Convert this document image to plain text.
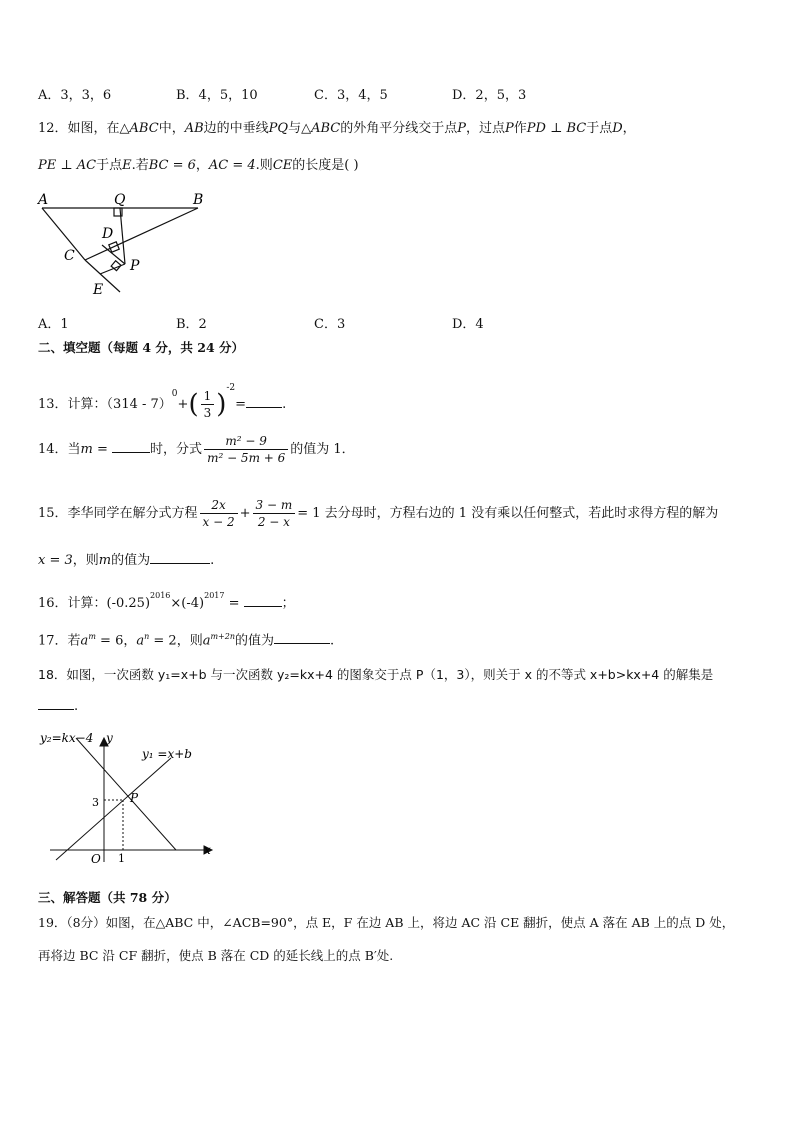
A．3，3，6	B．4，5，10	C．3，4，5	D．2，5，3
12．如图，在△ABC中，AB边的中垂线PQ与△ABC的外角平分线交于点P，过点P作PD ⊥ BC于点D，
PE ⊥ AC于点E.若BC = 6，AC = 4.则CE的长度是( )
A	Q	B
D
C
P
E
A．1	B．2	C．3	D．4
二、填空题（每题 4 分，共 24 分）
13．计算：$(314 - 7)^0+( \frac{1}{3} )^{-2}=$	.
14．当m =	时，分式 $\frac{\text{m² − 9}}{\text{m² − 5m + 6}}$ 的值为 1．
15．李华同学在解分式方程 $\frac{2x}{x - 2} + \frac{3 - m}{2 - x} = 1$ 去分母时，方程右边的 1 没有乘以任何整式，若此时求得方程的解为
x = 3，则m的值为	.
16．计算：$(-0.25)^{2016}\times(-4)^{2017}$ =	；
17．若$a^m = 6$，$a^n = 2$，则$a^{m+2n}$的值为	.
18．如图，一次函数 y₁=x+b 与一次函数 y₂=kx+4 的图象交于点 P（1，3），则关于 x 的不等式 x+b>kx+4 的解集是
.
y₂=kx−4 y
y₁ =x+b
P
3
1
O
x
三、解答题（共 78 分）
19．（8分）如图，在△ABC 中，∠ACB=90°，点 E，F 在边 AB 上，将边 AC 沿 CE 翻折，使点 A 落在 AB 上的点 D 处，
再将边 BC 沿 CF 翻折，使点 B 落在 CD 的延长线上的点 B′处.
